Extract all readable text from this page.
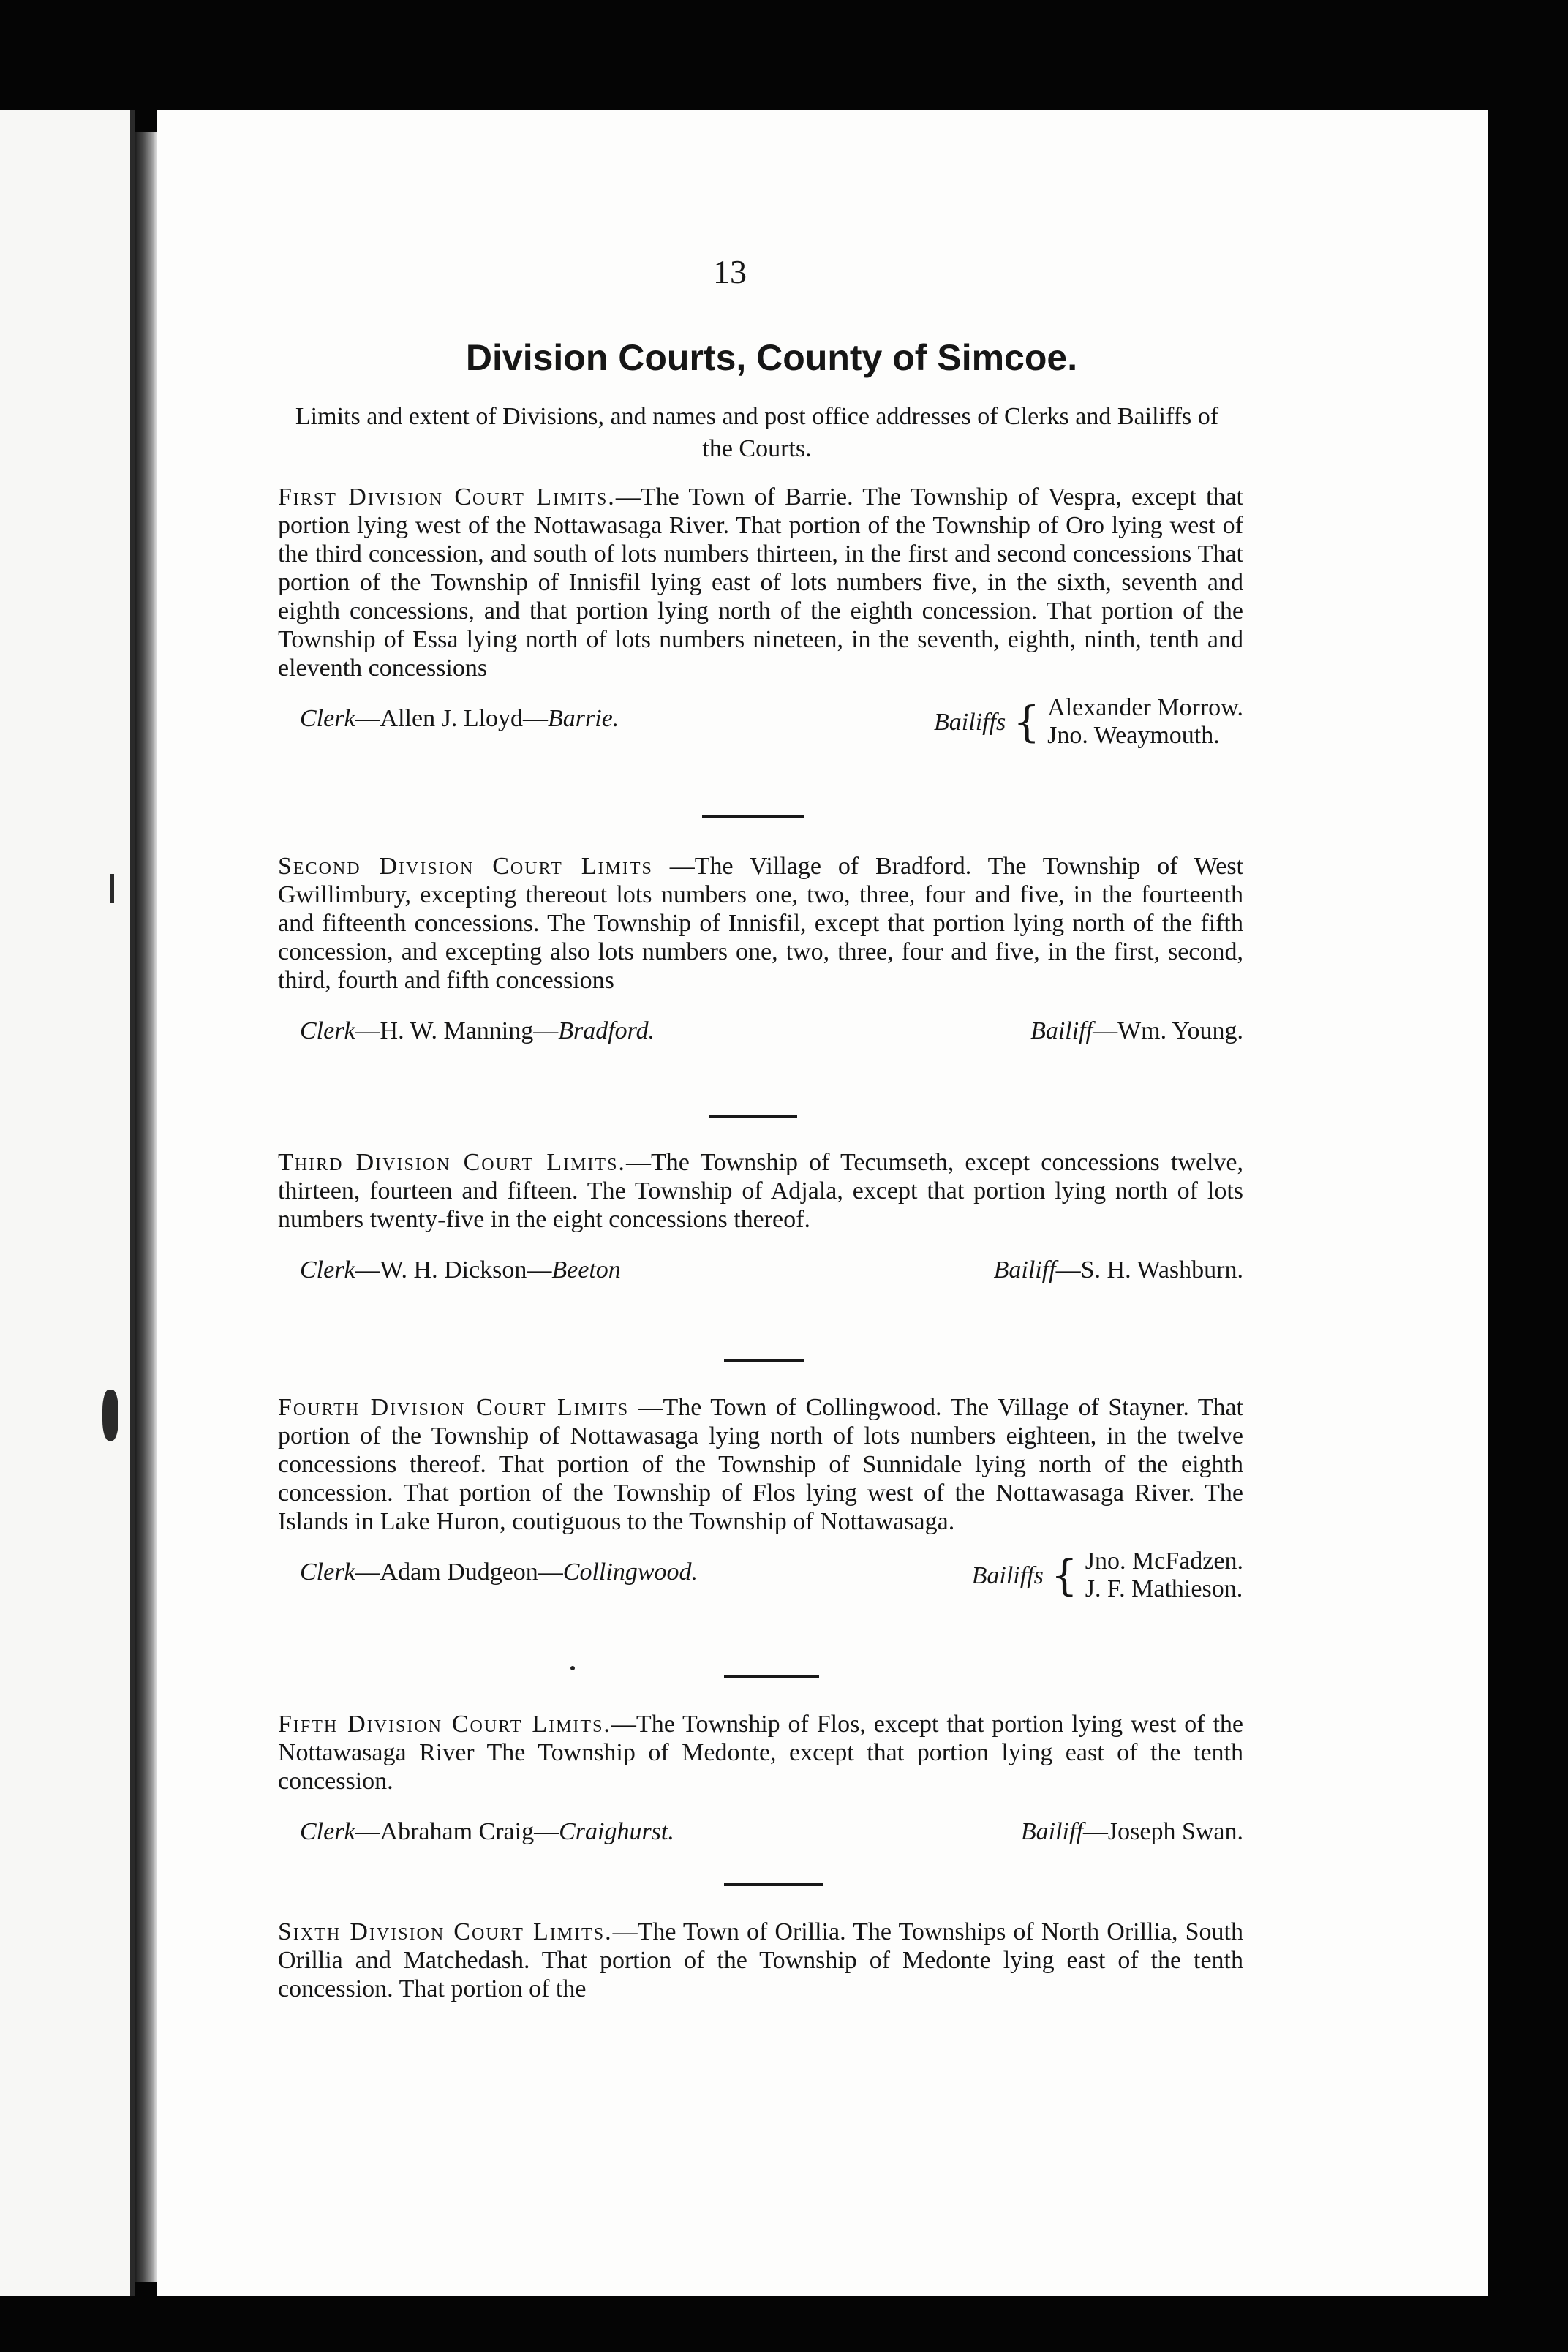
13
Division Courts, County of Simcoe.
Limits and extent of Divisions, and names and post office addresses of Clerks and Bailiffs of the Courts.
First Division Court Limits.—The Town of Barrie. The Township of Vespra, except that portion lying west of the Nottawasaga River. That portion of the Township of Oro lying west of the third concession, and south of lots numbers thirteen, in the first and second concessions That portion of the Township of Innisfil lying east of lots numbers five, in the sixth, seventh and eighth concessions, and that portion lying north of the eighth concession. That portion of the Township of Essa lying north of lots numbers nineteen, in the seventh, eighth, ninth, tenth and eleventh concessions
Clerk—Allen J. Lloyd—Barrie.	Bailiffs { Alexander Morrow.
Jno. Weaymouth.
Second Division Court Limits —The Village of Bradford. The Township of West Gwillimbury, excepting thereout lots numbers one, two, three, four and five, in the fourteenth and fifteenth concessions. The Township of Innisfil, except that portion lying north of the fifth concession, and excepting also lots numbers one, two, three, four and five, in the first, second, third, fourth and fifth concessions
Clerk—H. W. Manning—Bradford.	Bailiff—Wm. Young.
Third Division Court Limits.—The Township of Tecumseth, except concessions twelve, thirteen, fourteen and fifteen. The Township of Adjala, except that portion lying north of lots numbers twenty-five in the eight concessions thereof.
Clerk—W. H. Dickson—Beeton	Bailiff—S. H. Washburn.
Fourth Division Court Limits —The Town of Collingwood. The Village of Stayner. That portion of the Township of Nottawasaga lying north of lots numbers eighteen, in the twelve concessions thereof. That portion of the Township of Sunnidale lying north of the eighth concession. That portion of the Township of Flos lying west of the Nottawasaga River. The Islands in Lake Huron, coutiguous to the Township of Nottawasaga.
Clerk—Adam Dudgeon—Collingwood.	Bailiffs { Jno. McFadzen.
J. F. Mathieson.
Fifth Division Court Limits.—The Township of Flos, except that portion lying west of the Nottawasaga River The Township of Medonte, except that portion lying east of the tenth concession.
Clerk—Abraham Craig—Craighurst.	Bailiff—Joseph Swan.
Sixth Division Court Limits.—The Town of Orillia. The Townships of North Orillia, South Orillia and Matchedash. That portion of the Township of Medonte lying east of the tenth concession. That portion of the
